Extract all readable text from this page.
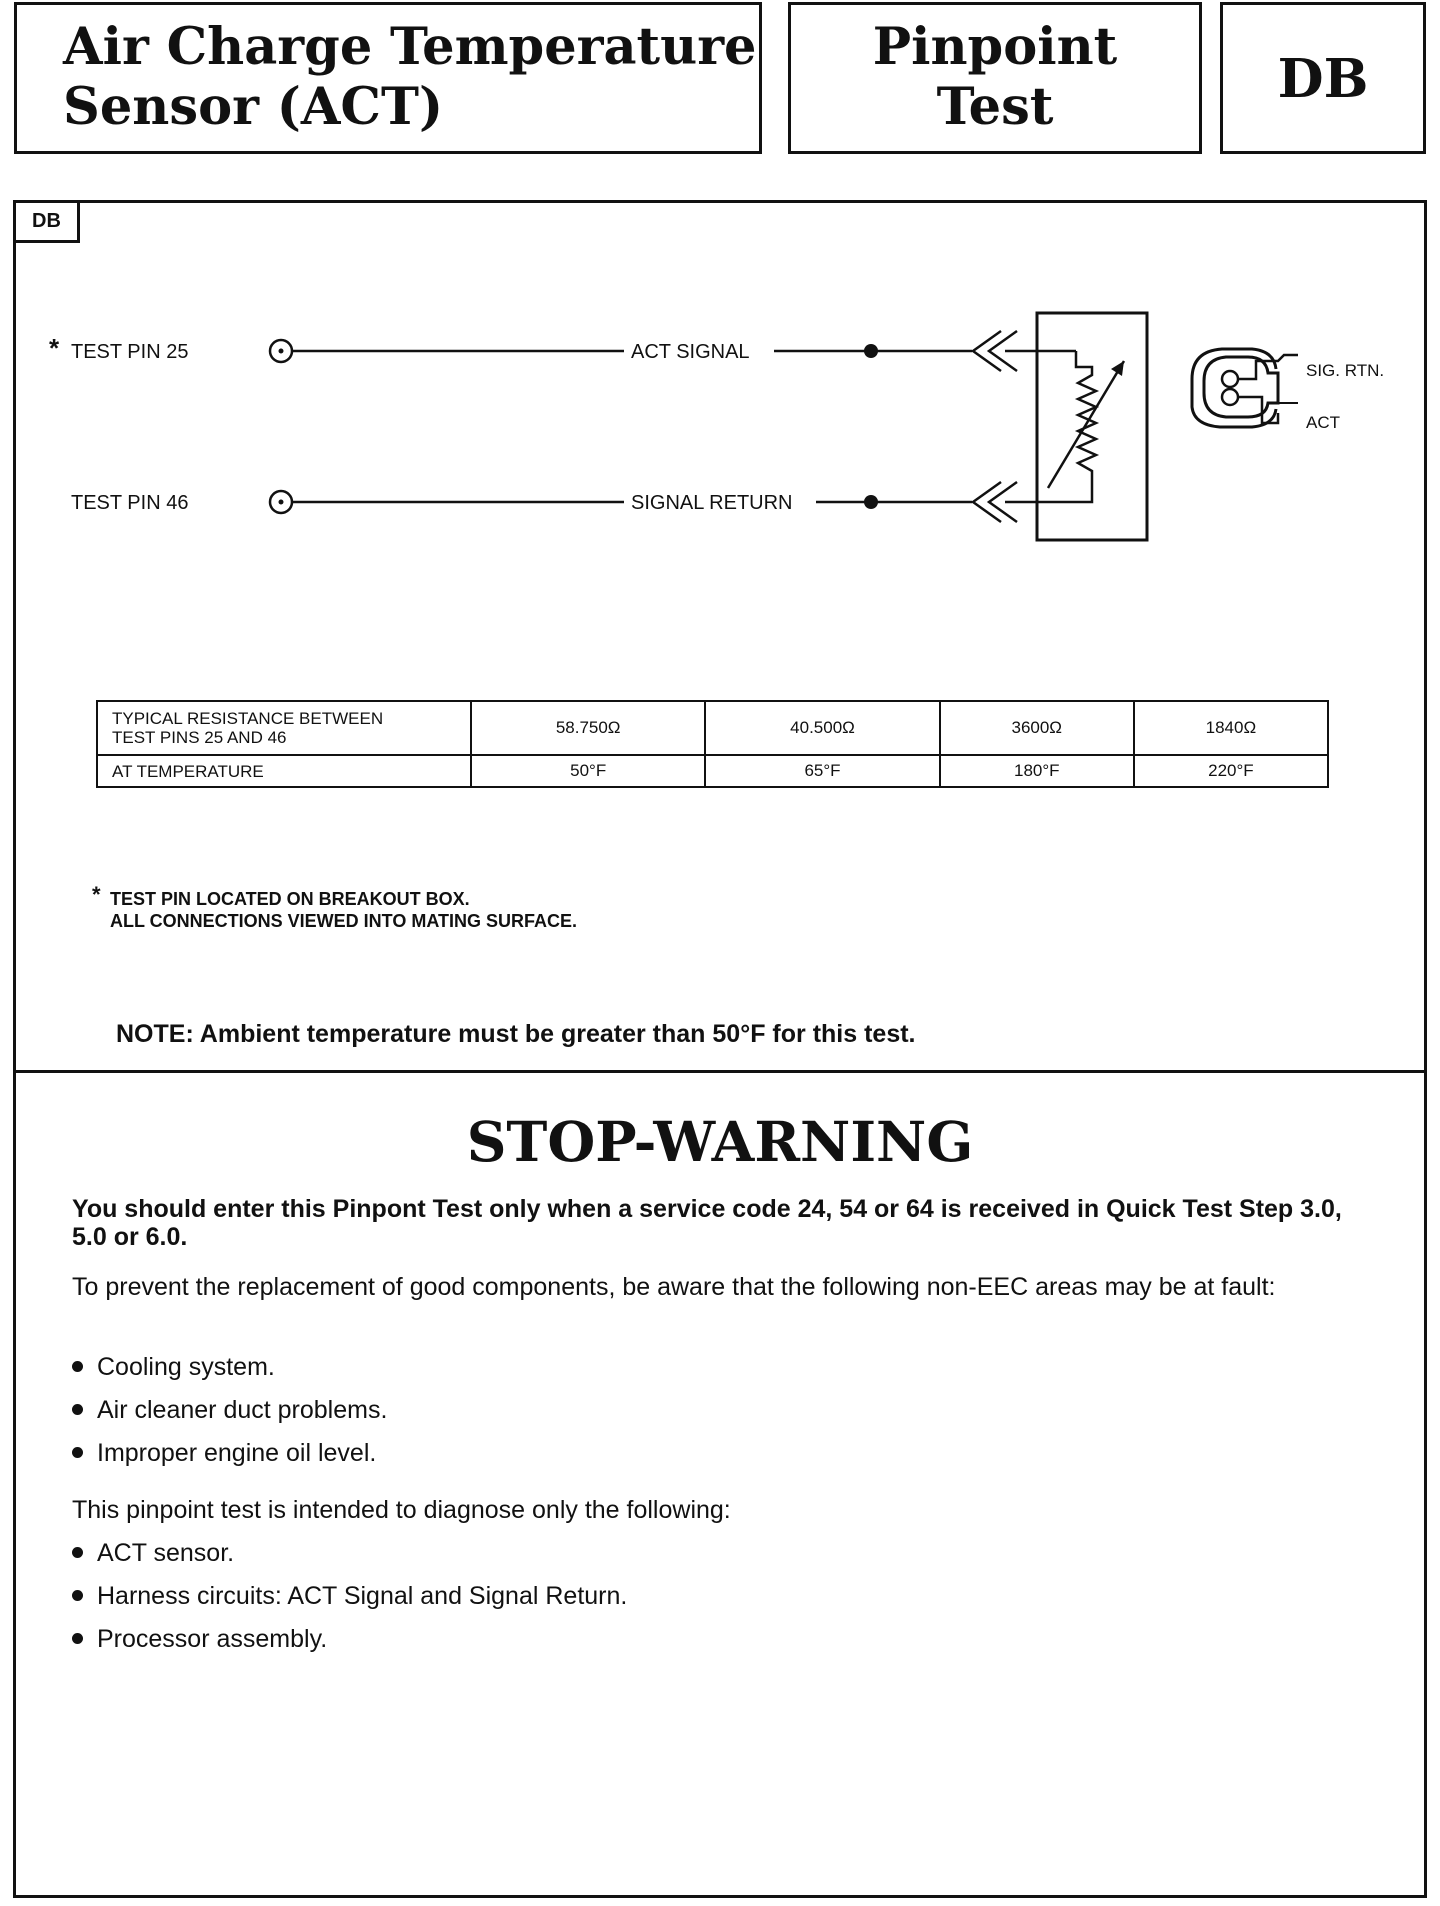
Air Charge Temperature
Sensor (ACT)
Pinpoint
Test	DB
DB
* TEST PIN 25	ACT SIGNAL
TEST PIN 46	SIGNAL RETURN
SIG. RTN.
ACT
TYPICAL RESISTANCE BETWEEN
TEST PINS 25 AND 46	58.750Ω	40.500Ω	3600Ω	1840Ω
AT TEMPERATURE	50°F	65°F	180°F	220°F
* TEST PIN LOCATED ON BREAKOUT BOX.
ALL CONNECTIONS VIEWED INTO MATING SURFACE.
NOTE: Ambient temperature must be greater than 50°F for this test.
STOP-WARNING
You should enter this Pinpont Test only when a service code 24, 54 or 64 is received in Quick Test Step 3.0, 5.0 or 6.0.
To prevent the replacement of good components, be aware that the following non-EEC areas may be at fault:
Cooling system.
Air cleaner duct problems.
Improper engine oil level.
This pinpoint test is intended to diagnose only the following:
ACT sensor.
Harness circuits: ACT Signal and Signal Return.
Processor assembly.
